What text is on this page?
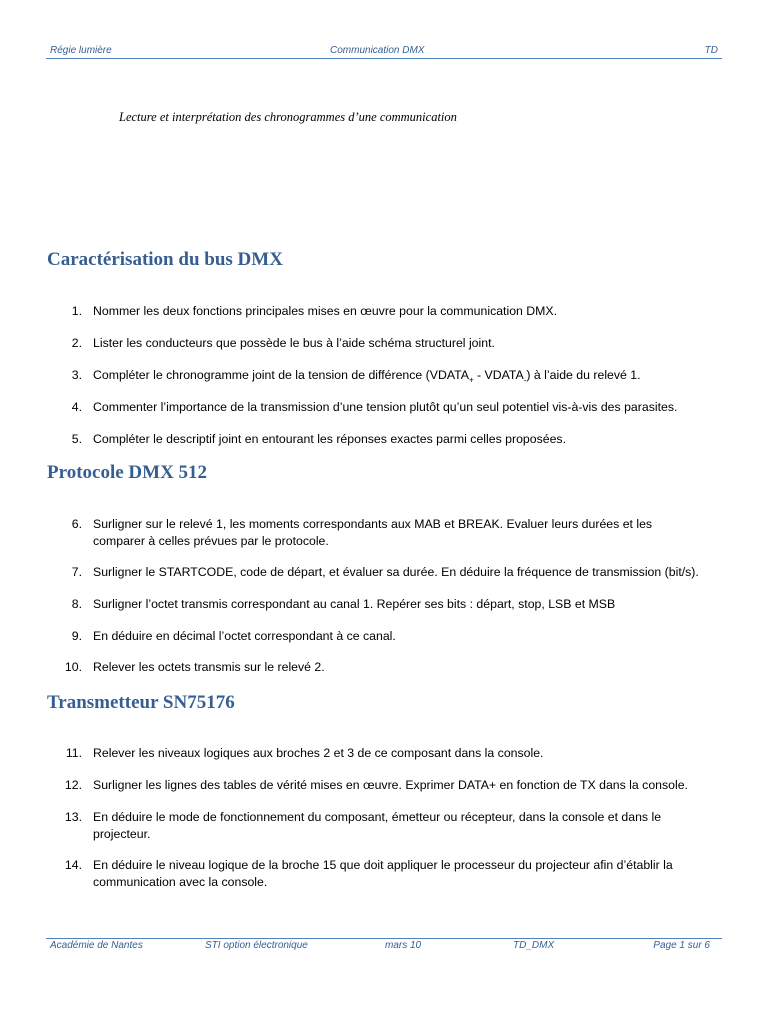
Régie lumière	Communication DMX	TD
Lecture et interprétation des chronogrammes d’une communication
Caractérisation du bus DMX
1. Nommer les deux fonctions principales mises en œuvre pour la communication DMX.
2. Lister les conducteurs que possède le bus à l’aide schéma structurel joint.
3. Compléter le chronogramme joint de la tension de différence ($VDATA_+$ - $VDATA_-$) à l’aide du relevé 1.
4. Commenter l’importance de la transmission d’une tension plutôt qu’un seul potentiel vis-à-vis des parasites.
5. Compléter le descriptif joint en entourant les réponses exactes parmi celles proposées.
Protocole DMX 512
6. Surligner sur le relevé 1, les moments correspondants aux MAB et BREAK. Evaluer leurs durées et les
comparer à celles prévues par le protocole.
7. Surligner le STARTCODE, code de départ, et évaluer sa durée. En déduire la fréquence de transmission (bit/s).
8. Surligner l’octet transmis correspondant au canal 1. Repérer ses bits : départ, stop, LSB et MSB
9. En déduire en décimal l’octet correspondant à ce canal.
10. Relever les octets transmis sur le relevé 2.
Transmetteur SN75176
11. Relever les niveaux logiques aux broches 2 et 3 de ce composant dans la console.
12. Surligner les lignes des tables de vérité mises en œuvre. Exprimer DATA+ en fonction de TX dans la console.
13. En déduire le mode de fonctionnement du composant, émetteur ou récepteur, dans la console et dans le
projecteur.
14. En déduire le niveau logique de la broche 15 que doit appliquer le processeur du projecteur afin d’établir la
communication avec la console.
Académie de Nantes	STI option électronique	mars 10	TD_DMX	Page 1 sur 6
